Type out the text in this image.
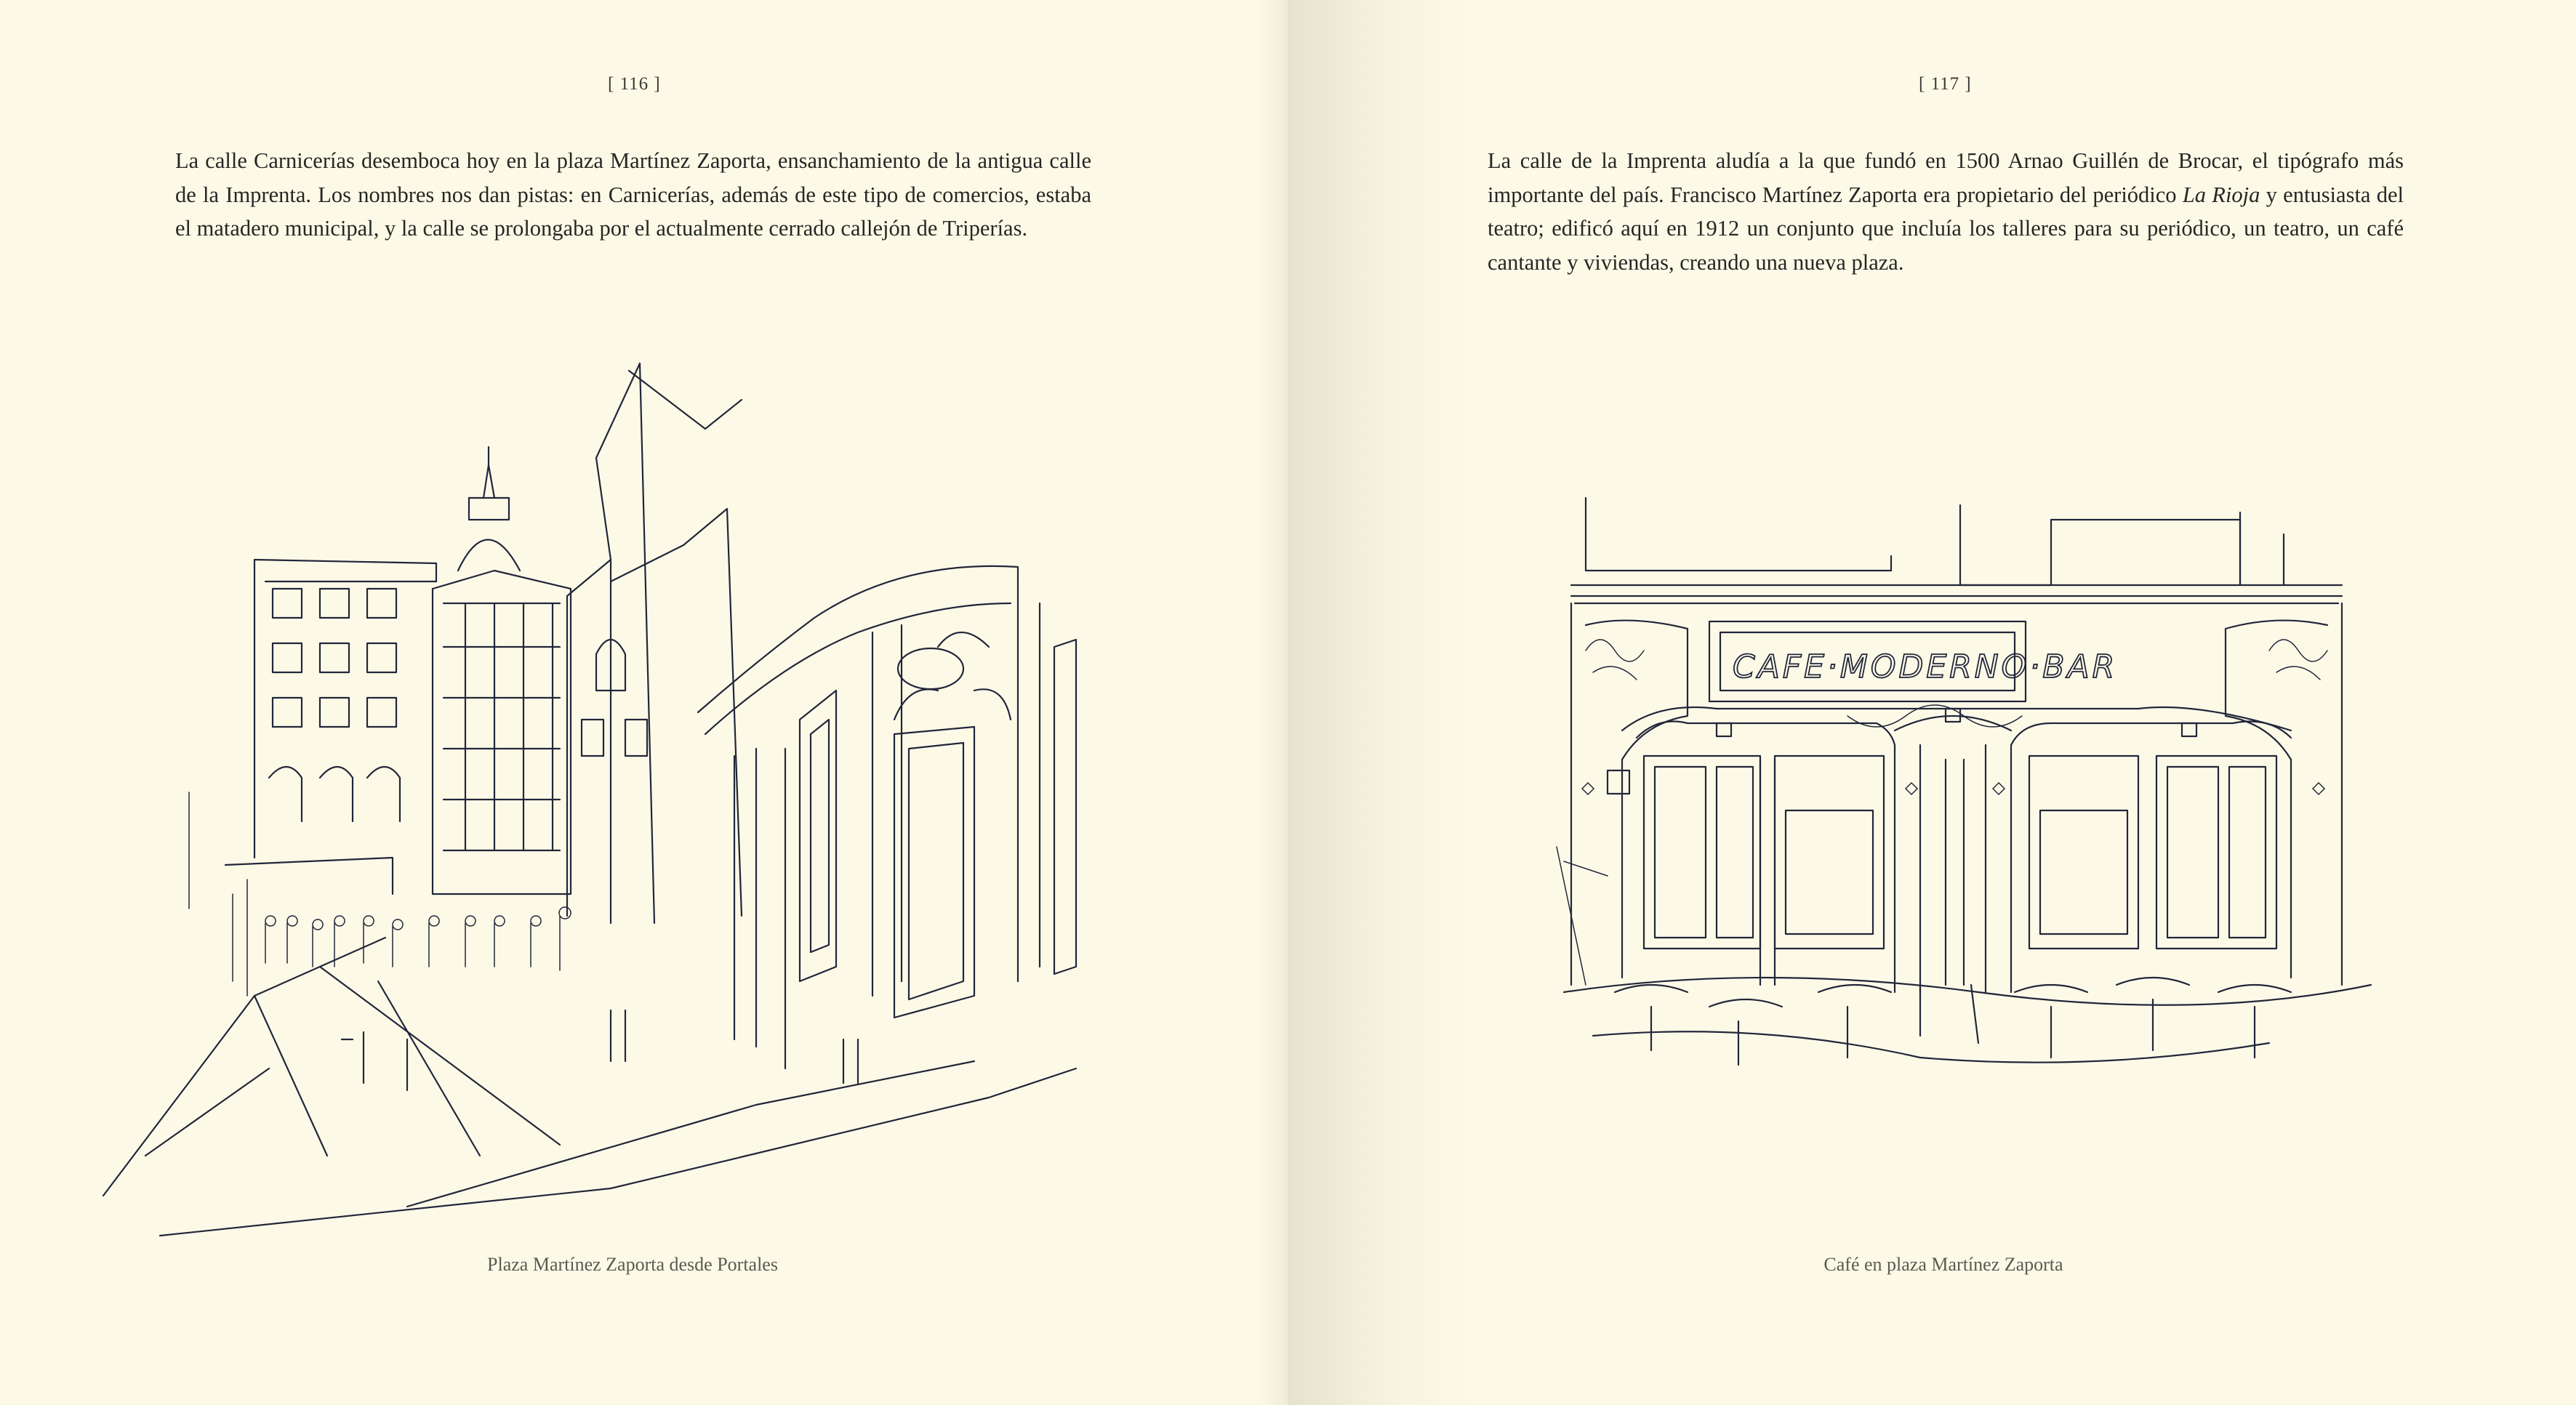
[ 116 ]

La calle Carnicerías desemboca hoy en la plaza Martínez Zaporta, ensanchamiento de la antigua calle de la Imprenta. Los nombres nos dan pistas: en Carnicerías, además de este tipo de comercios, estaba el matadero municipal, y la calle se prolongaba por el actualmente cerrado callejón de Triperías.

Plaza Martínez Zaporta desde Portales
[ 117 ]

La calle de la Imprenta aludía a la que fundó en 1500 Arnao Guillén de Brocar, el tipógrafo más importante del país. Francisco Martínez Zaporta era propietario del periódico La Rioja y entusiasta del teatro; edificó aquí en 1912 un conjunto que incluía los talleres para su periódico, un teatro, un café cantante y viviendas, creando una nueva plaza.

CAFE·MODERNO·BAR
Café en plaza Martínez Zaporta
